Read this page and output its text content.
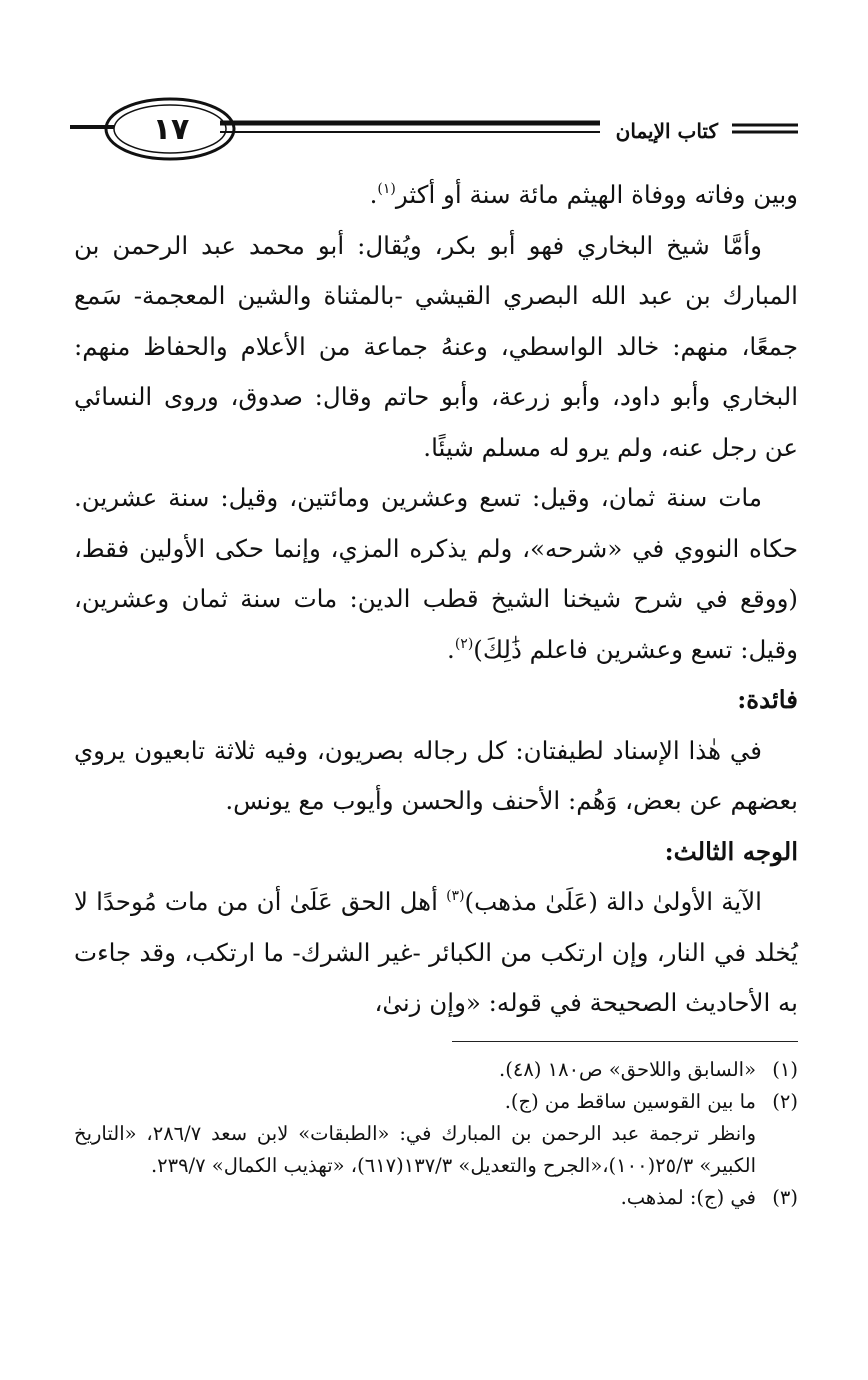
١٧	كتاب الإيمان

وبين وفاته ووفاة الهيثم مائة سنة أو أكثر$^{(١)}$.

وأمَّا شيخ البخاري فهو أبو بكر، ويُقال: أبو محمد عبد الرحمن بن المبارك بن عبد الله البصري القيشي -بالمثناة والشين المعجمة- سَمع جمعًا، منهم: خالد الواسطي، وعنهُ جماعة من الأعلام والحفاظ منهم: البخاري وأبو داود، وأبو زرعة، وأبو حاتم وقال: صدوق، وروى النسائي عن رجل عنه، ولم يرو له مسلم شيئًا.

مات سنة ثمان، وقيل: تسع وعشرين ومائتين، وقيل: سنة عشرين. حكاه النووي في «شرحه»، ولم يذكره المزي، وإنما حكى الأولين فقط، (ووقع في شرح شيخنا الشيخ قطب الدين: مات سنة ثمان وعشرين، وقيل: تسع وعشرين فاعلم ذَٰلِكَ)$^{(٢)}$.

فائدة:

في هٰذا الإسناد لطيفتان: كل رجاله بصريون، وفيه ثلاثة تابعيون يروي بعضهم عن بعض، وَهُم: الأحنف والحسن وأيوب مع يونس.

الوجه الثالث:

الآية الأولىٰ دالة (عَلَىٰ مذهب)$^{(٣)}$ أهل الحق عَلَىٰ أن من مات مُوحدًا لا يُخلد في النار، وإن ارتكب من الكبائر -غير الشرك- ما ارتكب، وقد جاءت به الأحاديث الصحيحة في قوله: «وإن زنىٰ،

(١)«السابق واللاحق» ص١٨٠ (٤٨).

(٢)ما بين القوسين ساقط من (ج).

وانظر ترجمة عبد الرحمن بن المبارك في: «الطبقات» لابن سعد ٢٨٦/٧، «التاريخ الكبير» ٢٥/٣(١٠٠)،«الجرح والتعديل» ١٣٧/٣(٦١٧)، «تهذيب الكمال» ٢٣٩/٧.

(٣)في (ج): لمذهب.
